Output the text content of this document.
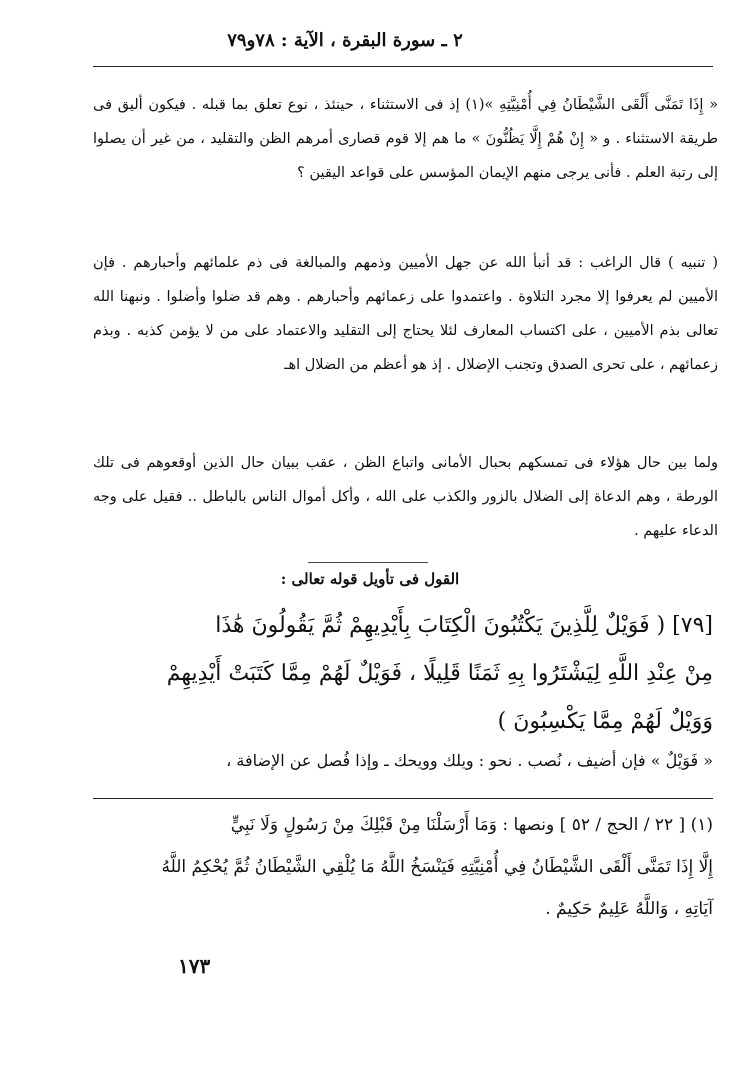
٢ ـ سورة البقرة ، الآية : ٧٨و٧٩

« إِذَا تَمَنَّى أَلْقَى الشَّيْطَانُ فِي أُمْنِيَّتِهِ »(١) إذ فى الاستثناء ، حينئذ ، نوع تعلق بما قبله . فيكون أليق فى طريقة الاستثناء . و « إِنْ هُمْ إِلَّا يَظُنُّونَ » ما هم إلا قوم قصارى أمرهم الظن والتقليد ، من غير أن يصلوا إلى رتبة العلم . فأنى يرجى منهم الإيمان المؤسس على قواعد اليقين ؟

( تنبيه ) قال الراغب : قد أنبأ الله عن جهل الأميين وذمهم والمبالغة فى ذم علمائهم وأحبارهم . فإن الأميين لم يعرفوا إلا مجرد التلاوة . واعتمدوا على زعمائهم وأحبارهم . وهم قد ضلوا وأضلوا . ونبهنا الله تعالى بذم الأميين ، على اكتساب المعارف لئلا يحتاج إلى التقليد والاعتماد على من لا يؤمن كذبه . وبذم زعمائهم ، على تحرى الصدق وتجنب الإضلال . إذ هو أعظم من الضلال اهـ

ولما بين حال هؤلاء فى تمسكهم بحبال الأمانى واتباع الظن ، عقب ببيان حال الذين أوقعوهم فى تلك الورطة ، وهم الدعاة إلى الضلال بالزور والكذب على الله ، وأكل أموال الناس بالباطل .. فقيل على وجه الدعاء عليهم .

القول فى تأويل قوله تعالى :

[٧٩] ( فَوَيْلٌ لِلَّذِينَ يَكْتُبُونَ الْكِتَابَ بِأَيْدِيهِمْ ثُمَّ يَقُولُونَ هَٰذَا

مِنْ عِنْدِ اللَّهِ لِيَشْتَرُوا بِهِ ثَمَنًا قَلِيلًا ، فَوَيْلٌ لَهُمْ مِمَّا كَتَبَتْ أَيْدِيهِمْ

وَوَيْلٌ لَهُمْ مِمَّا يَكْسِبُونَ )

« فَوَيْلٌ » فإن أضيف ، نُصب . نحو : ويلك وويحك ـ وإذا فُصل عن الإضافة ،

(١) [ ٢٢ / الحج / ٥٢ ] ونصها : وَمَا أَرْسَلْنَا مِنْ قَبْلِكَ مِنْ رَسُولٍ وَلَا نَبِيٍّ

إِلَّا إِذَا تَمَنَّى أَلْقَى الشَّيْطَانُ فِي أُمْنِيَّتِهِ فَيَنْسَخُ اللَّهُ مَا يُلْقِي الشَّيْطَانُ ثُمَّ يُحْكِمُ اللَّهُ

آيَاتِهِ ، وَاللَّهُ عَلِيمٌ حَكِيمٌ .

١٧٣
